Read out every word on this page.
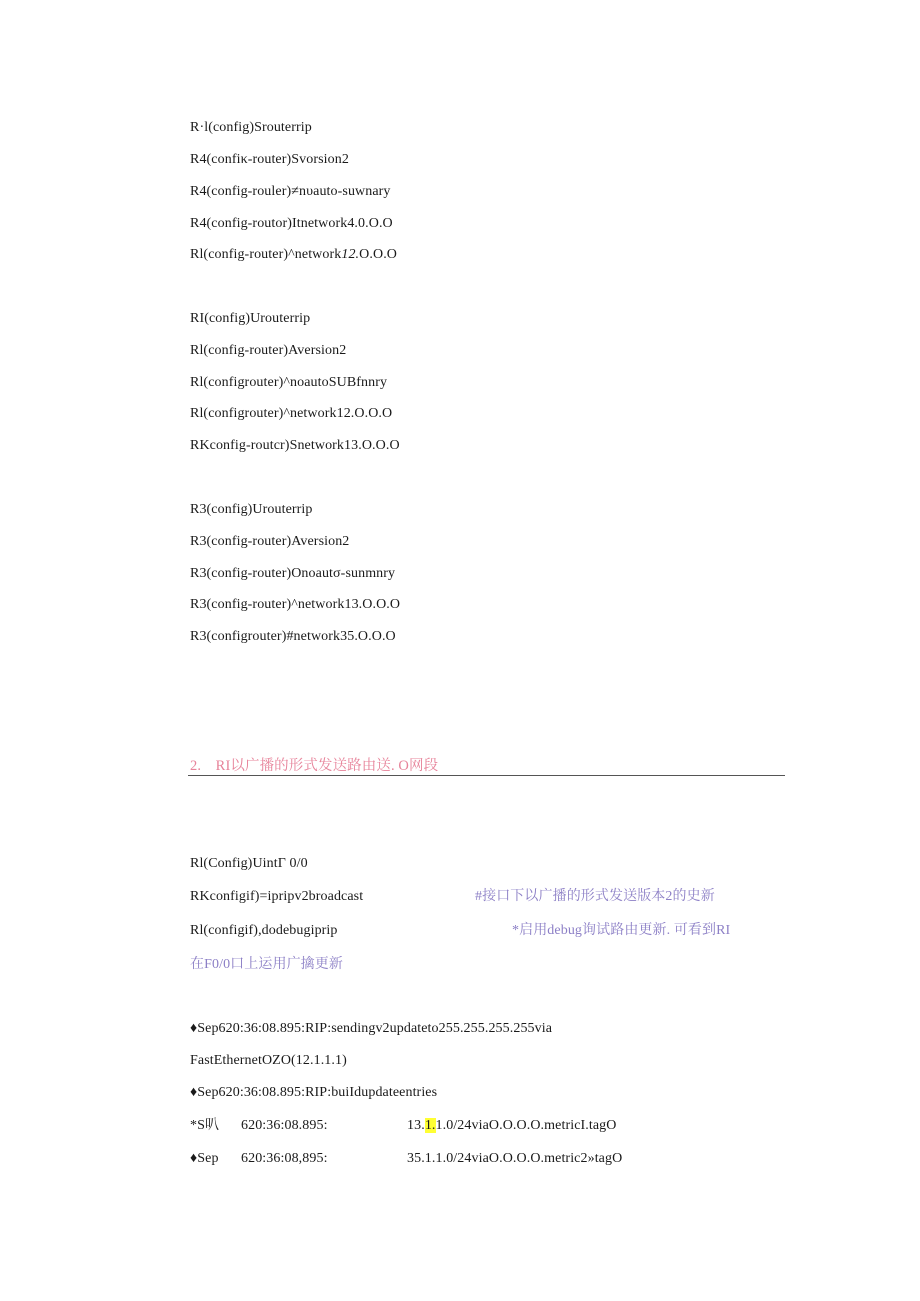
R·l(config)Srouterrip
R4(confiκ-router)Svorsion2
R4(config-rouler)≠nυauto-suwnary
R4(config-routor)Itnetwork4.0.O.O
Rl(config-router)^network12.O.O.O
RI(config)Urouterrip
Rl(config-router)Aversion2
Rl(configrouter)^noautoSUBfnnry
Rl(configrouter)^network12.O.O.O
RKconfig-routcr)Snetwork13.O.O.O
R3(config)Urouterrip
R3(config-router)Aversion2
R3(config-router)Onoautσ-sunmnry
R3(config-router)^network13.O.O.O
R3(configrouter)#network35.O.O.O
2.　RI以广播的形式发送路由送. O网段
Rl(Config)UintΓ 0/0
RKconfigif)=ipripv2broadcast	#接口下以广播的形式发送版本2的史新
Rl(configif),dodebugiprip	*启用debug询试路由更新. 可看到RI
在F0/0口上运用广擒更新
♦Sep620:36:08.895:RIP:sendingv2updateto255.255.255.255via
FastEthernetOZO(12.1.1.1)
♦Sep620:36:08.895:RIP:buiIdupdateentries
*S叭 620:36:08.895:	13.1.1.0/24viaO.O.O.O.metricI.tagO
♦Sep 620:36:08,895:	35.1.1.0/24viaO.O.O.O.metric2»tagO
